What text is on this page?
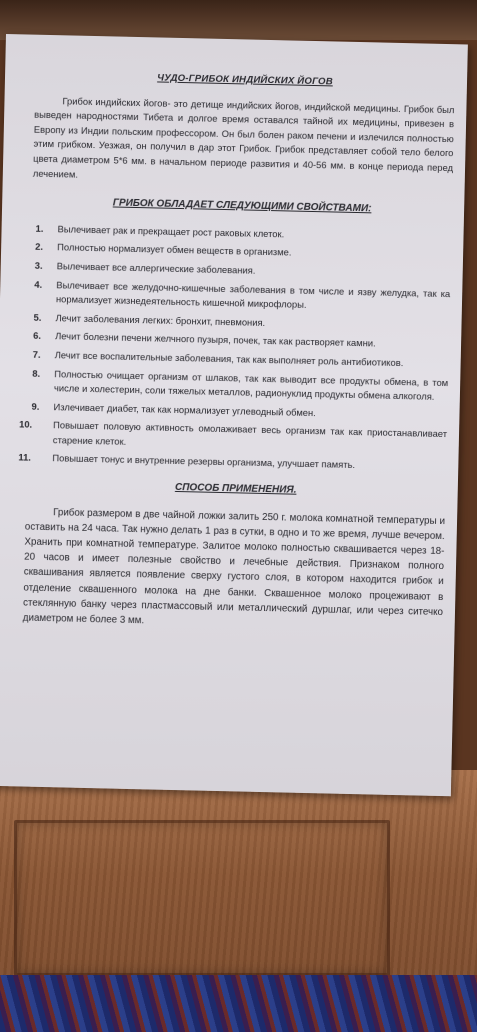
ЧУДО-ГРИБОК ИНДИЙСКИХ ЙОГОВ

Грибок индийских йогов- это детище индийских йогов, индийской медицины. Грибок был выведен народностями Тибета и долгое время оставался тайной их медицины, привезен в Европу из Индии польским профессором. Он был болен раком печени и излечился полностью этим грибком. Уезжая, он получил в дар этот Грибок. Грибок представляет собой тело белого цвета диаметром 5*6 мм. в начальном периоде развития и 40-56 мм. в конце периода перед лечением.

ГРИБОК ОБЛАДАЕТ СЛЕДУЮЩИМИ СВОЙСТВАМИ:
1. Вылечивает рак и прекращает рост раковых клеток.
2. Полностью нормализует обмен веществ в организме.
3. Вылечивает все аллергические заболевания.
4. Вылечивает все желудочно-кишечные заболевания в том числе и язву желудка, так ка нормализует жизнедеятельность кишечной микрофлоры.
5. Лечит заболевания легких: бронхит, пневмония.
6. Лечит болезни печени желчного пузыря, почек, так как растворяет камни.
7. Лечит все воспалительные заболевания, так как выполняет роль антибиотиков.
8. Полностью очищает организм от шлаков, так как выводит все продукты обмена, в том числе и холестерин, соли тяжелых металлов, радионуклид продукты обмена алкоголя.
9. Излечивает диабет, так как нормализует углеводный обмен.
10. Повышает половую активность омолаживает весь организм так как приостанавливает старение клеток.
11. Повышает тонус и внутренние резервы организма, улучшает память.
СПОСОБ ПРИМЕНЕНИЯ.

Грибок размером в две чайной ложки залить 250 г. молока комнатной температуры и оставить на 24 часа. Так нужно делать 1 раз в сутки, в одно и то же время, лучше вечером. Хранить при комнатной температуре. Залитое молоко полностью сквашивается через 18-20 часов и имеет полезные свойство и лечебные действия. Признаком полного сквашивания является появление сверху густого слоя, в котором находится грибок и отделение сквашенного молока на дне банки. Сквашенное молоко процеживают в стеклянную банку через пластмассовый или металлический дуршлаг, или через ситечко диаметром не более 3 мм.
